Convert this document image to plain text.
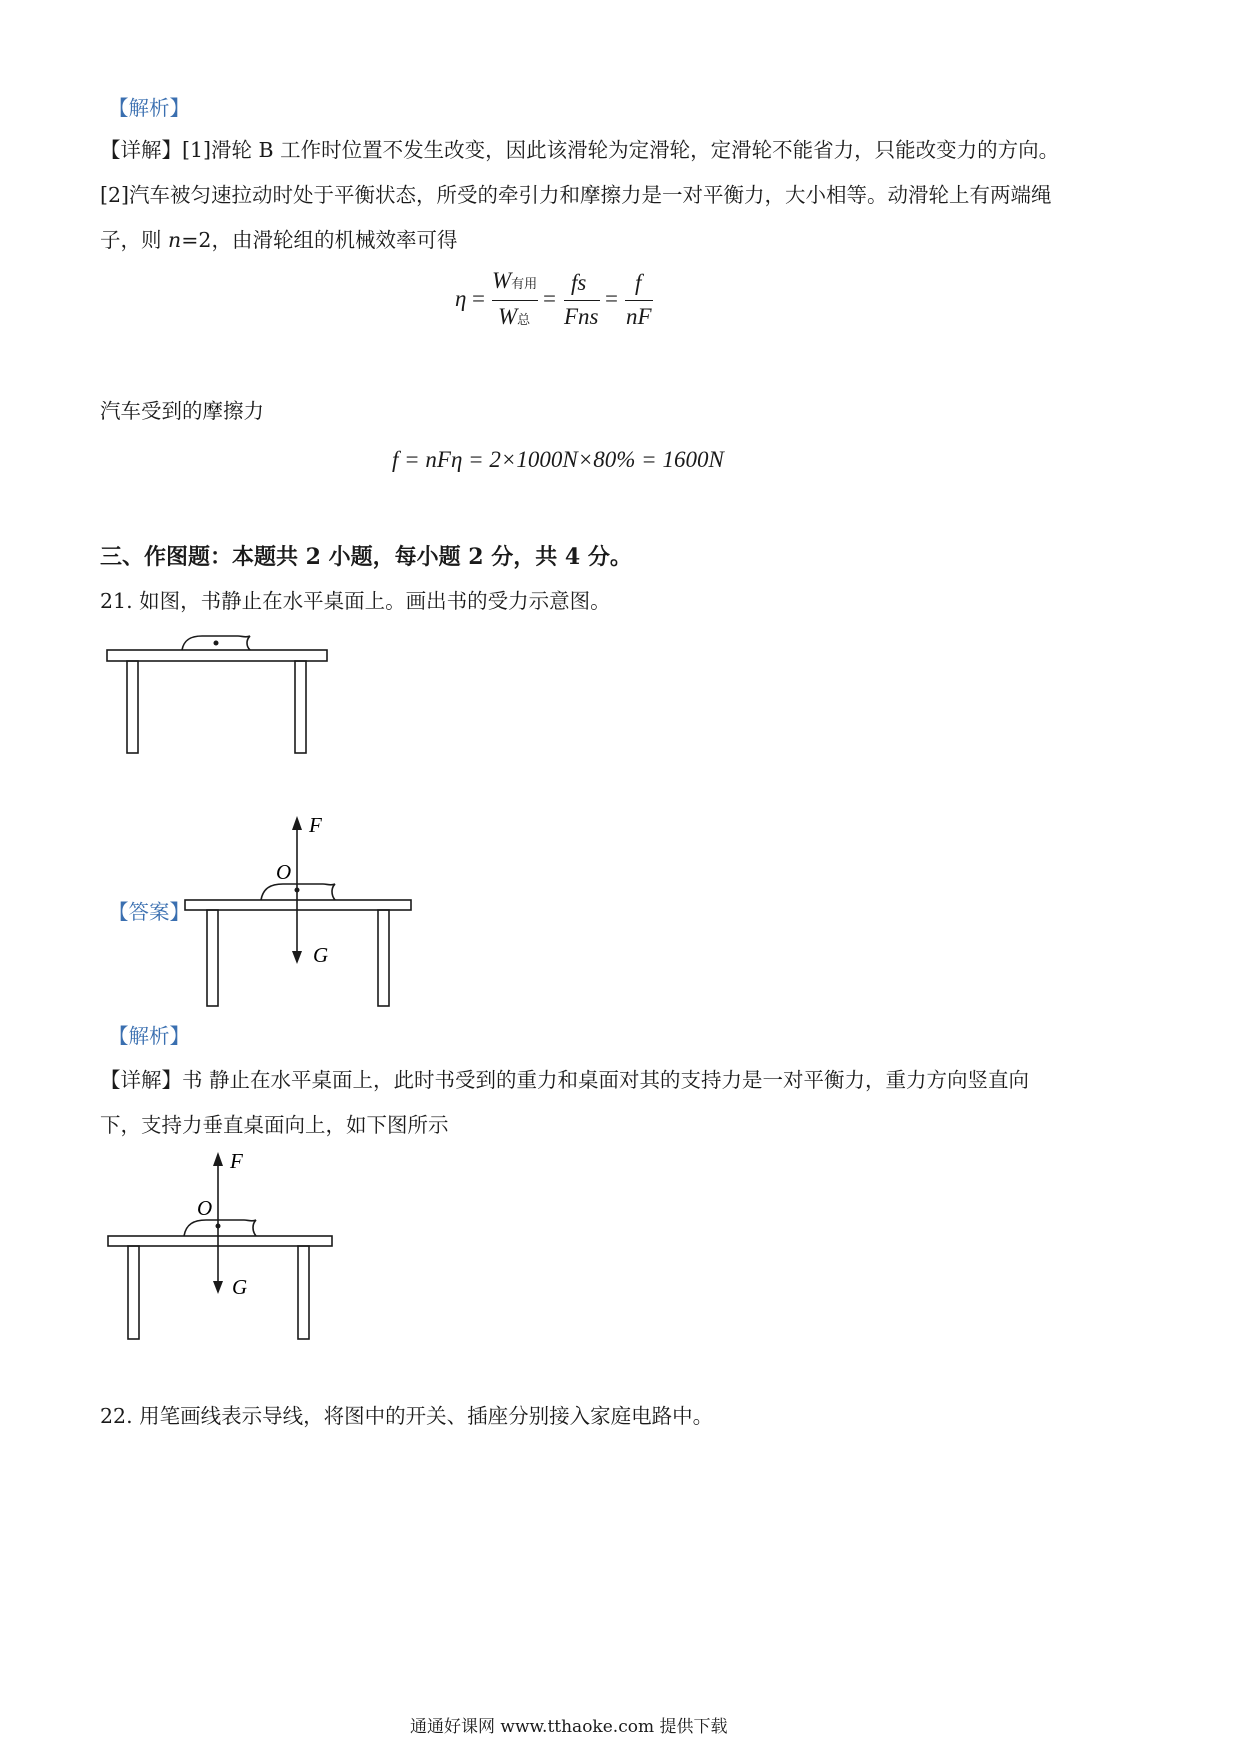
【解析】
【详解】[1]滑轮 B 工作时位置不发生改变，因此该滑轮为定滑轮，定滑轮不能省力，只能改变力的方向。
[2]汽车被匀速拉动时处于平衡状态，所受的牵引力和摩擦力是一对平衡力，大小相等。动滑轮上有两端绳
子，则 n=2，由滑轮组的机械效率可得
η =
W有用
W总
=
fs
Fns
=
f
nF
汽车受到的摩擦力
f = nFη = 2×1000N×80% = 1600N
三、作图题：本题共 2 小题，每小题 2 分，共 4 分。
21. 如图，书静止在水平桌面上。画出书的受力示意图。
【答案】
F
O
G
【解析】
【详解】书 静止在水平桌面上，此时书受到的重力和桌面对其的支持力是一对平衡力，重力方向竖直向
下，支持力垂直桌面向上，如下图所示
F
O
G
22. 用笔画线表示导线，将图中的开关、插座分别接入家庭电路中。
通通好课网 www.tthaoke.com 提供下载
